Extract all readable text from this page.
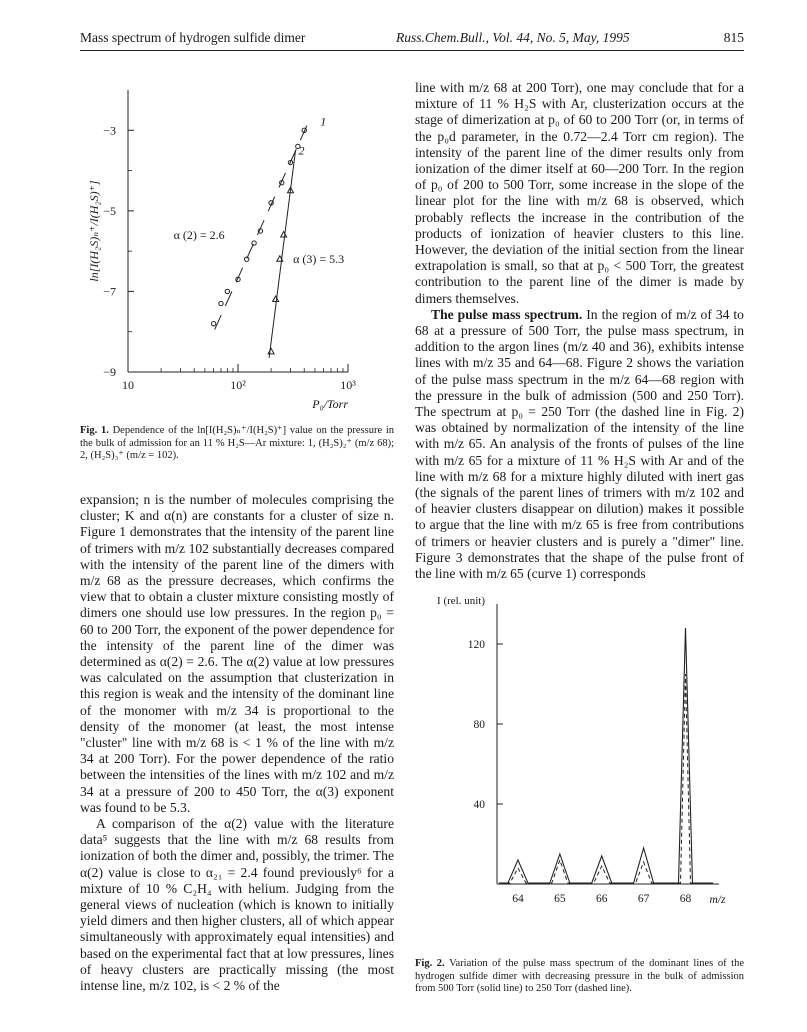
Mass spectrum of hydrogen sulfide dimer	Russ.Chem.Bull., Vol. 44, No. 5, May, 1995	815
10	10²	10³
−3
−5
−7
−9
ln[I(H₂S)ₙ⁺/I(H₂S)⁺]
P₀/Torr
1
2
α (2) = 2.6
α (3) = 5.3
Fig. 1. Dependence of the ln[I(H₂S)ₙ⁺/I(H₂S)⁺] value on the pressure in the bulk of admission for an 11 % H₂S—Ar mixture: 1, (H₂S)₂⁺ (m/z 68); 2, (H₂S)₃⁺ (m/z = 102).

expansion; n is the number of molecules comprising the cluster; K and α(n) are constants for a cluster of size n. Figure 1 demonstrates that the intensity of the parent line of trimers with m/z 102 substantially decreases compared with the intensity of the parent line of the dimers with m/z 68 as the pressure decreases, which confirms the view that to obtain a cluster mixture consisting mostly of dimers one should use low pressures. In the region p₀ = 60 to 200 Torr, the exponent of the power dependence for the intensity of the parent line of the dimer was determined as α(2) = 2.6. The α(2) value at low pressures was calculated on the assumption that clusterization in this region is weak and the intensity of the dominant line of the monomer with m/z 34 is proportional to the density of the monomer (at least, the most intense "cluster" line with m/z 68 is < 1 % of the line with m/z 34 at 200 Torr). For the power dependence of the ratio between the intensities of the lines with m/z 102 and m/z 34 at a pressure of 200 to 450 Torr, the α(3) exponent was found to be 5.3.

A comparison of the α(2) value with the literature data⁵ suggests that the line with m/z 68 results from ionization of both the dimer and, possibly, the trimer. The α(2) value is close to α₂₁ = 2.4 found previously⁶ for a mixture of 10 % C₂H₄ with helium. Judging from the general views of nucleation (which is known to initially yield dimers and then higher clusters, all of which appear simultaneously with approximately equal intensities) and based on the experimental fact that at low pressures, lines of heavy clusters are practically missing (the most intense line, m/z 102, is < 2 % of the

line with m/z 68 at 200 Torr), one may conclude that for a mixture of 11 % H₂S with Ar, clusterization occurs at the stage of dimerization at p₀ of 60 to 200 Torr (or, in terms of the p₀d parameter, in the 0.72—2.4 Torr cm region). The intensity of the parent line of the dimer results only from ionization of the dimer itself at 60—200 Torr. In the region of p₀ of 200 to 500 Torr, some increase in the slope of the linear plot for the line with m/z 68 is observed, which probably reflects the increase in the contribution of the products of ionization of heavier clusters to this line. However, the deviation of the initial section from the linear extrapolation is small, so that at p₀ < 500 Torr, the greatest contribution to the parent line of the dimer is made by dimers themselves.

The pulse mass spectrum. In the region of m/z of 34 to 68 at a pressure of 500 Torr, the pulse mass spectrum, in addition to the argon lines (m/z 40 and 36), exhibits intense lines with m/z 35 and 64—68. Figure 2 shows the variation of the pulse mass spectrum in the m/z 64—68 region with the pressure in the bulk of admission (500 and 250 Torr). The spectrum at p₀ = 250 Torr (the dashed line in Fig. 2) was obtained by normalization of the intensity of the line with m/z 65. An analysis of the fronts of pulses of the line with m/z 65 for a mixture of 11 % H₂S with Ar and of the line with m/z 68 for a mixture highly diluted with inert gas (the signals of the parent lines of trimers with m/z 102 and of heavier clusters disappear on dilution) makes it possible to argue that the line with m/z 65 is free from contributions of trimers or heavier clusters and is purely a "dimer" line. Figure 3 demonstrates that the shape of the pulse front of the line with m/z 65 (curve 1) corresponds

I (rel. unit)
40
80
120
64	65	66	67	68 m/z
Fig. 2. Variation of the pulse mass spectrum of the dominant lines of the hydrogen sulfide dimer with decreasing pressure in the bulk of admission from 500 Torr (solid line) to 250 Torr (dashed line).
